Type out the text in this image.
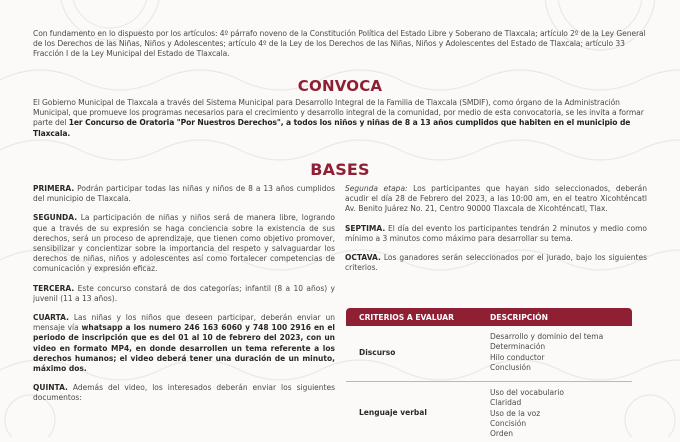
Con fundamento en lo dispuesto por los artículos: 4º párrafo noveno de la Constitución Política del Estado Libre y Soberano de Tlaxcala; artículo 2º de la Ley General de los Derechos de las Niñas, Niños y Adolescentes; artículo 4º de la Ley de los Derechos de las Niñas, Niños y Adolescentes del Estado de Tlaxcala; artículo 33 Fracción I de la Ley Municipal del Estado de Tlaxcala.
CONVOCA
El Gobierno Municipal de Tlaxcala a través del Sistema Municipal para Desarrollo Integral de la Familia de Tlaxcala (SMDIF), como órgano de la Administración Municipal, que promueve los programas necesarios para el crecimiento y desarrollo integral de la comunidad, por medio de esta convocatoria, se les invita a formar parte del 1er Concurso de Oratoria "Por Nuestros Derechos", a todos los niños y niñas de 8 a 13 años cumplidos que habiten en el municipio de Tlaxcala.
BASES

PRIMERA. Podrán participar todas las niñas y niños de 8 a 13 años cumplidos del municipio de Tlaxcala.

SEGUNDA. La participación de niñas y niños será de manera libre, logrando que a través de su expresión se haga conciencia sobre la existencia de sus derechos, será un proceso de aprendizaje, que tienen como objetivo promover, sensibilizar y concientizar sobre la importancia del respeto y salvaguardar los derechos de niñas, niños y adolescentes así como fortalecer competencias de comunicación y expresión eficaz.

TERCERA. Este concurso constará de dos categorías; infantil (8 a 10 años) y juvenil (11 a 13 años).

CUARTA. Las niñas y los niños que deseen participar, deberán enviar un mensaje vía whatsapp a los numero 246 163 6060 y 748 100 2916 en el periodo de inscripción que es del 01 al 10 de febrero del 2023, con un video en formato MP4, en donde desarrollen un tema referente a los derechos humanos; el video deberá tener una duración de un minuto, máximo dos.

QUINTA. Además del video, los interesados deberán enviar los siguientes documentos:

Segunda etapa: Los participantes que hayan sido seleccionados, deberán acudir el día 28 de Febrero del 2023, a las 10:00 am, en el teatro Xicohténcatl Av. Benito Juárez No. 21, Centro 90000 Tlaxcala de Xicohténcatl, Tlax.

SEPTIMA. El día del evento los participantes tendrán 2 minutos y medio como mínimo a 3 minutos como máximo para desarrollar su tema.

OCTAVA. Los ganadores serán seleccionados por el jurado, bajo los siguientes criterios.

CRITERIOS A EVALUAR	DESCRIPCIÓN
Discurso
Desarrollo y dominio del tema
Determinación
Hilo conductor
Conclusión
Lenguaje verbal
Uso del vocabulario
Claridad
Uso de la voz
Concisión
Orden
